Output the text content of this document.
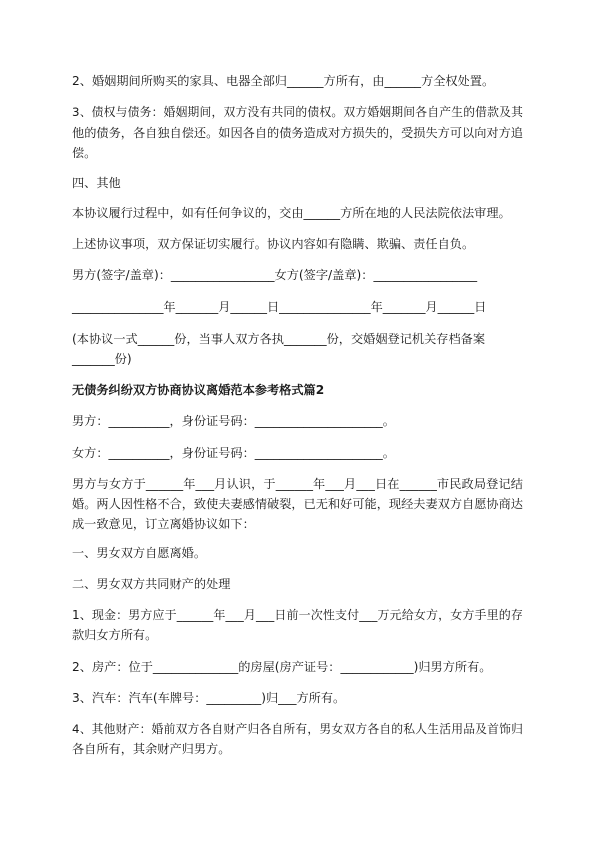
2、婚姻期间所购买的家具、电器全部归______方所有，由______方全权处置。
3 、 债 权 与 债 务 ： 婚 姻 期 间 ， 双 方 没 有 共 同 的 债 权 。 双 方 婚 姻 期 间 各 自 产 生 的 借 款 及 其
他 的 债 务 ， 各 自 独 自 偿 还 。 如 因 各 自 的 债 务 造 成 对 方 损 失 的 ， 受 损 失 方 可 以 向 对 方 追
偿。
四、其他
本协议履行过程中，如有任何争议的，交由______方所在地的人民法院依法审理。
上述协议事项，双方保证切实履行。协议内容如有隐瞒、欺骗、责任自负。
男方(签字/盖章)：_________________女方(签字/盖章)：_________________
_______________年_______月______日_______________年_______月______日
(本协议一式______份，当事人双方各执_______份，交婚姻登记机关存档备案
_______份)
无债务纠纷双方协商协议离婚范本参考格式篇2
男方：__________，身份证号码：_____________________。
女方：__________，身份证号码：_____________________。
男 方 与 女 方 于 _ _ _ _ _ _ 年 _ _ _ 月 认 识 ， 于 _ _ _ _ _ _ 年 _ _ _ 月 _ _ _ 日 在 _ _ _ _ _ _ 市 民 政 局 登 记 结
婚 。 两 人 因 性 格 不 合 ， 致 使 夫 妻 感 情 破 裂 ， 已 无 和 好 可 能 ， 现 经 夫 妻 双 方 自 愿 协 商 达
成一致意见，订立离婚协议如下：
一、男女双方自愿离婚。
二、男女双方共同财产的处理
1 、 现 金 ： 男 方 应 于 _ _ _ _ _ _ 年 _ _ _ 月 _ _ _ 日 前 一 次 性 支 付 _ _ _ 万 元 给 女 方 ， 女 方 手 里 的 存
款归女方所有。
2、房产：位于______________的房屋(房产证号：____________)归男方所有。
3、汽车：汽车(车牌号：_________)归___方所有。
4 、 其 他 财 产 ： 婚 前 双 方 各 自 财 产 归 各 自 所 有 ， 男 女 双 方 各 自 的 私 人 生 活 用 品 及 首 饰 归
各自所有，其余财产归男方。
